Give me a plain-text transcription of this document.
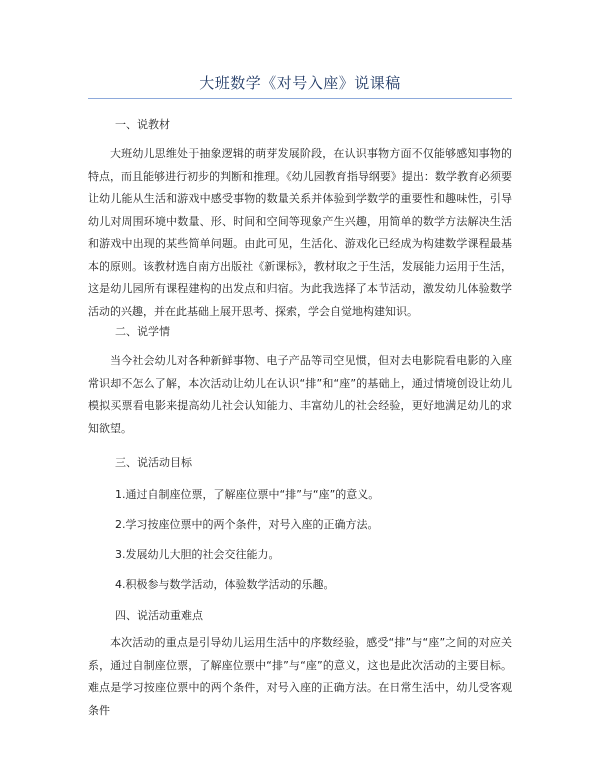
大班数学《对号入座》说课稿
一、说教材

大班幼儿思维处于抽象逻辑的萌芽发展阶段，在认识事物方面不仅能够感知事物的特点，而且能够进行初步的判断和推理。《幼儿园教育指导纲要》提出：数学教育必须要让幼儿能从生活和游戏中感受事物的数量关系并体验到学数学的重要性和趣味性，引导幼儿对周围环境中数量、形、时间和空间等现象产生兴趣，用简单的数学方法解决生活和游戏中出现的某些简单问题。由此可见，生活化、游戏化已经成为构建数学课程最基本的原则。该教材选自南方出版社《新课标》，教材取之于生活，发展能力运用于生活，这是幼儿园所有课程建构的出发点和归宿。为此我选择了本节活动，激发幼儿体验数学活动的兴趣，并在此基础上展开思考、探索，学会自觉地构建知识。

二、说学情

当今社会幼儿对各种新鲜事物、电子产品等司空见惯，但对去电影院看电影的入座常识却不怎么了解，本次活动让幼儿在认识“排”和“座”的基础上，通过情境创设让幼儿模拟买票看电影来提高幼儿社会认知能力、丰富幼儿的社会经验，更好地满足幼儿的求知欲望。

三、说活动目标
1.通过自制座位票，了解座位票中“排”与“座”的意义。
2.学习按座位票中的两个条件，对号入座的正确方法。
3.发展幼儿大胆的社会交往能力。
4.积极参与数学活动，体验数学活动的乐趣。
四、说活动重难点

本次活动的重点是引导幼儿运用生活中的序数经验，感受“排”与“座”之间的对应关系，通过自制座位票，了解座位票中“排”与“座”的意义，这也是此次活动的主要目标。难点是学习按座位票中的两个条件，对号入座的正确方法。在日常生活中，幼儿受客观条件
